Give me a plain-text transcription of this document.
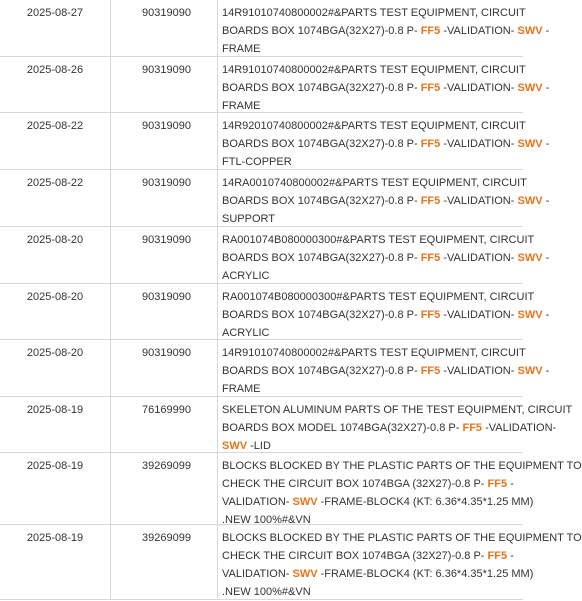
2025-08-27	90319090	14R91010740800002#&PARTS TEST EQUIPMENT, CIRCUIT
BOARDS BOX 1074BGA(32X27)-0.8 P- FF5 -VALIDATION- SWV -
FRAME
2025-08-26	90319090	14R91010740800002#&PARTS TEST EQUIPMENT, CIRCUIT
BOARDS BOX 1074BGA(32X27)-0.8 P- FF5 -VALIDATION- SWV -
FRAME
2025-08-22	90319090	14R92010740800002#&PARTS TEST EQUIPMENT, CIRCUIT
BOARDS BOX 1074BGA(32X27)-0.8 P- FF5 -VALIDATION- SWV -
FTL-COPPER
2025-08-22	90319090	14RA0010740800002#&PARTS TEST EQUIPMENT, CIRCUIT
BOARDS BOX 1074BGA(32X27)-0.8 P- FF5 -VALIDATION- SWV -
SUPPORT
2025-08-20	90319090	RA001074B080000300#&PARTS TEST EQUIPMENT, CIRCUIT
BOARDS BOX 1074BGA(32X27)-0.8 P- FF5 -VALIDATION- SWV -
ACRYLIC
2025-08-20	90319090	RA001074B080000300#&PARTS TEST EQUIPMENT, CIRCUIT
BOARDS BOX 1074BGA(32X27)-0.8 P- FF5 -VALIDATION- SWV -
ACRYLIC
2025-08-20	90319090	14R91010740800002#&PARTS TEST EQUIPMENT, CIRCUIT
BOARDS BOX 1074BGA(32X27)-0.8 P- FF5 -VALIDATION- SWV -
FRAME
2025-08-19	76169990	SKELETON ALUMINUM PARTS OF THE TEST EQUIPMENT, CIRCUIT
BOARDS BOX MODEL 1074BGA(32X27)-0.8 P- FF5 -VALIDATION-
SWV -LID
2025-08-19	39269099	BLOCKS BLOCKED BY THE PLASTIC PARTS OF THE EQUIPMENT TO
CHECK THE CIRCUIT BOX 1074BGA (32X27)-0.8 P- FF5 -
VALIDATION- SWV -FRAME-BLOCK4 (KT: 6.36*4.35*1.25 MM)
.NEW 100%#&VN
2025-08-19	39269099	BLOCKS BLOCKED BY THE PLASTIC PARTS OF THE EQUIPMENT TO
CHECK THE CIRCUIT BOX 1074BGA (32X27)-0.8 P- FF5 -
VALIDATION- SWV -FRAME-BLOCK4 (KT: 6.36*4.35*1.25 MM)
.NEW 100%#&VN
